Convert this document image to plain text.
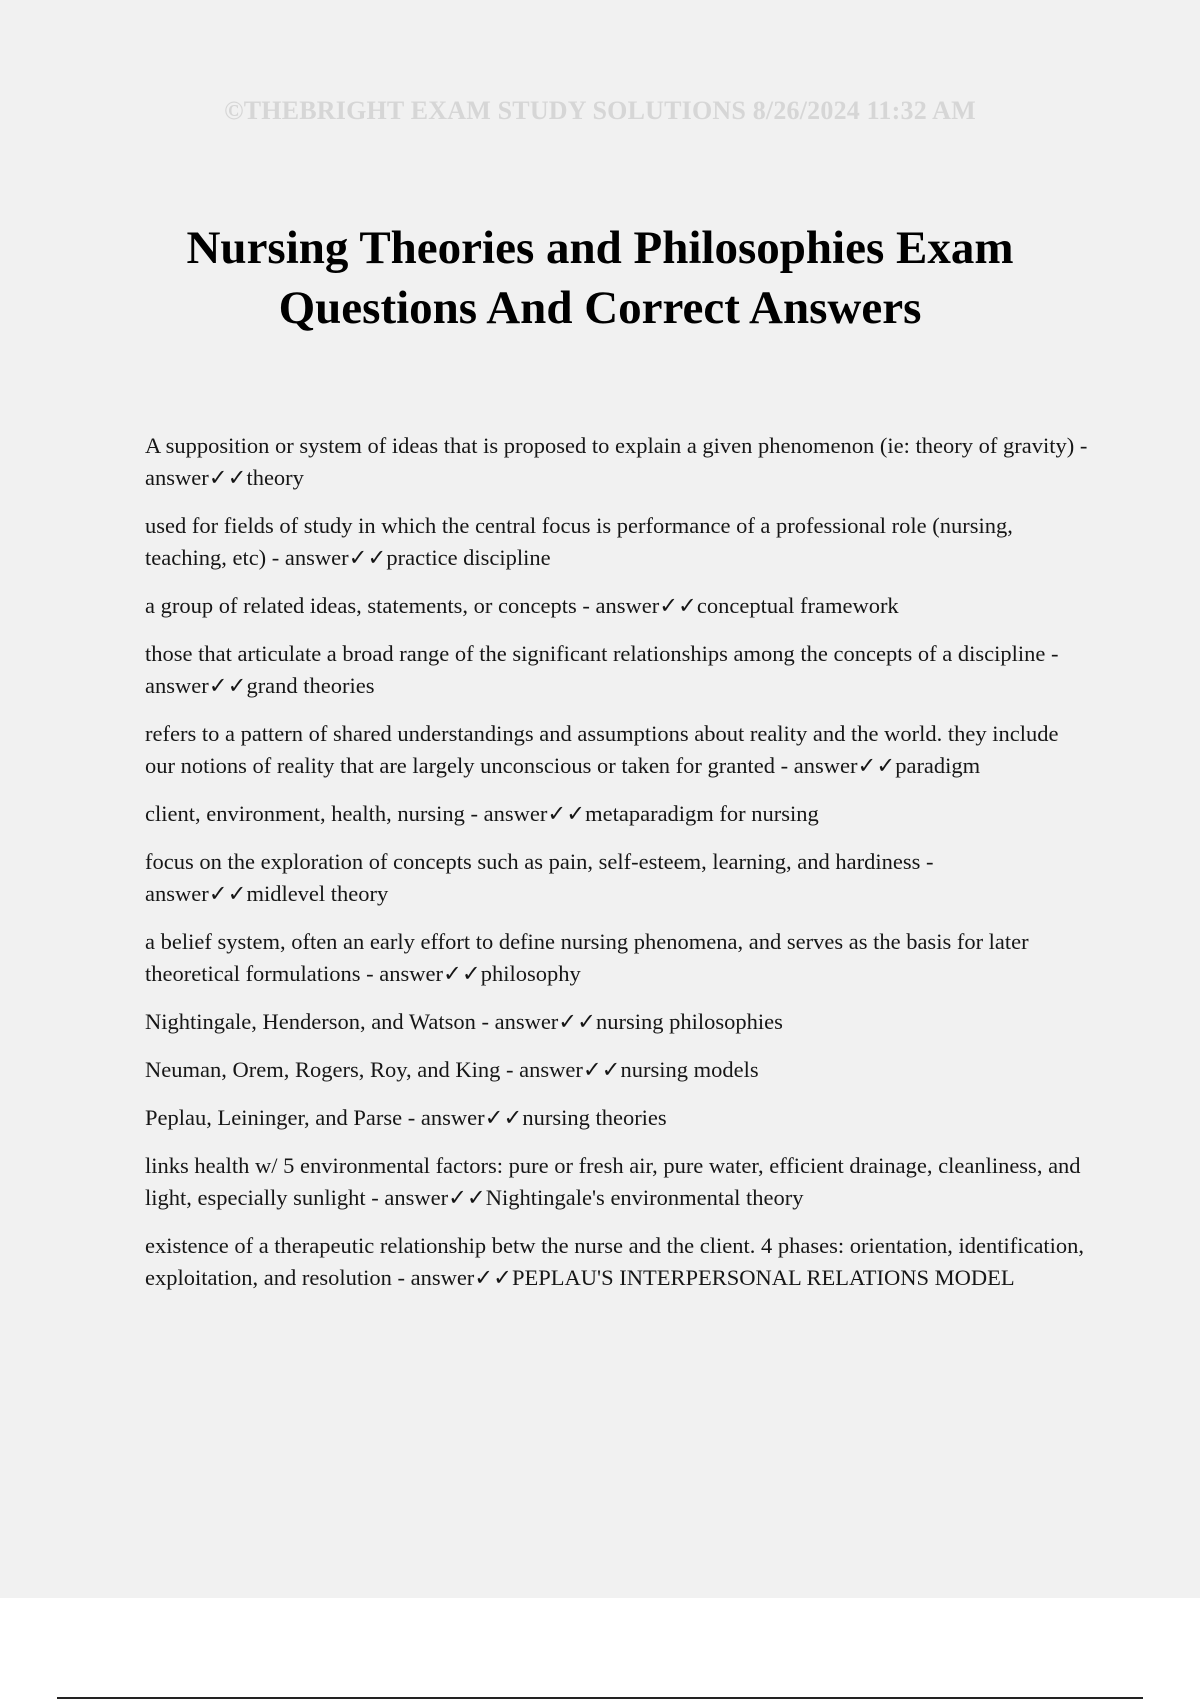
©THEBRIGHT EXAM STUDY SOLUTIONS 8/26/2024 11:32 AM
Nursing Theories and Philosophies Exam
Questions And Correct Answers
A supposition or system of ideas that is proposed to explain a given phenomenon (ie: theory of gravity) - answer✓✓theory
used for fields of study in which the central focus is performance of a professional role (nursing, teaching, etc) - answer✓✓practice discipline
a group of related ideas, statements, or concepts - answer✓✓conceptual framework
those that articulate a broad range of the significant relationships among the concepts of a discipline - answer✓✓grand theories
refers to a pattern of shared understandings and assumptions about reality and the world. they include our notions of reality that are largely unconscious or taken for granted - answer✓✓paradigm
client, environment, health, nursing - answer✓✓metaparadigm for nursing
focus on the exploration of concepts such as pain, self-esteem, learning, and hardiness - answer✓✓midlevel theory
a belief system, often an early effort to define nursing phenomena, and serves as the basis for later theoretical formulations - answer✓✓philosophy
Nightingale, Henderson, and Watson - answer✓✓nursing philosophies
Neuman, Orem, Rogers, Roy, and King - answer✓✓nursing models
Peplau, Leininger, and Parse - answer✓✓nursing theories
links health w/ 5 environmental factors: pure or fresh air, pure water, efficient drainage, cleanliness, and light, especially sunlight - answer✓✓Nightingale's environmental theory
existence of a therapeutic relationship betw the nurse and the client. 4 phases: orientation, identification, exploitation, and resolution - answer✓✓PEPLAU'S INTERPERSONAL RELATIONS MODEL
